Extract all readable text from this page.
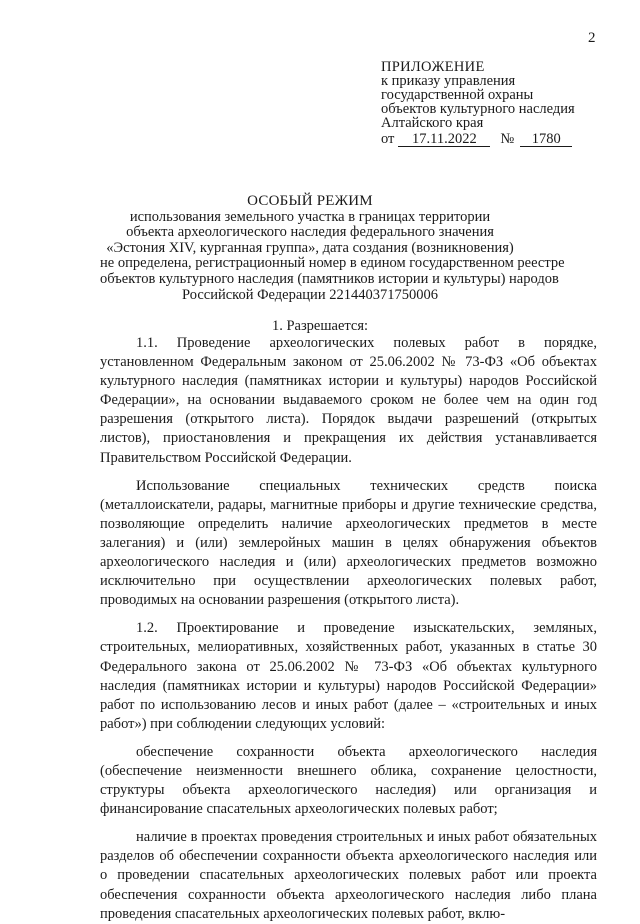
2
ПРИЛОЖЕНИЕ
к приказу управления
государственной охраны
объектов культурного наследия
Алтайского края
от 17.11.2022 № 1780
ОСОБЫЙ РЕЖИМ
использования земельного участка в границах территории
объекта археологического наследия федерального значения
«Эстония XIV, курганная группа», дата создания (возникновения)
не определена, регистрационный номер в едином государственном реестре
объектов культурного наследия (памятников истории и культуры) народов
Российской Федерации 221440371750006
1. Разрешается:

1.1. Проведение археологических полевых работ в порядке, установленном Федеральным законом от 25.06.2002 № 73-ФЗ «Об объектах культурного наследия (памятниках истории и культуры) народов Российской Федерации», на основании выдаваемого сроком не более чем на один год разрешения (открытого листа). Порядок выдачи разрешений (открытых листов), приостановления и прекращения их действия устанавливается Правительством Российской Федерации.

Использование специальных технических средств поиска (металлоискатели, радары, магнитные приборы и другие технические средства, позволяющие определить наличие археологических предметов в месте залегания) и (или) землеройных машин в целях обнаружения объектов археологического наследия и (или) археологических предметов возможно исключительно при осуществлении археологических полевых работ, проводимых на основании разрешения (открытого листа).

1.2. Проектирование и проведение изыскательских, земляных, строительных, мелиоративных, хозяйственных работ, указанных в статье 30 Федерального закона от 25.06.2002 № 73-ФЗ «Об объектах культурного наследия (памятниках истории и культуры) народов Российской Федерации» работ по использованию лесов и иных работ (далее – «строительных и иных работ») при соблюдении следующих условий:

обеспечение сохранности объекта археологического наследия (обеспечение неизменности внешнего облика, сохранение целостности, структуры объекта археологического наследия) или организация и финансирование спасательных археологических полевых работ;

наличие в проектах проведения строительных и иных работ обязательных разделов об обеспечении сохранности объекта археологического наследия или о проведении спасательных археологических полевых работ или проекта обеспечения сохранности объекта археологического наследия либо плана проведения спасательных археологических полевых работ, вклю-
